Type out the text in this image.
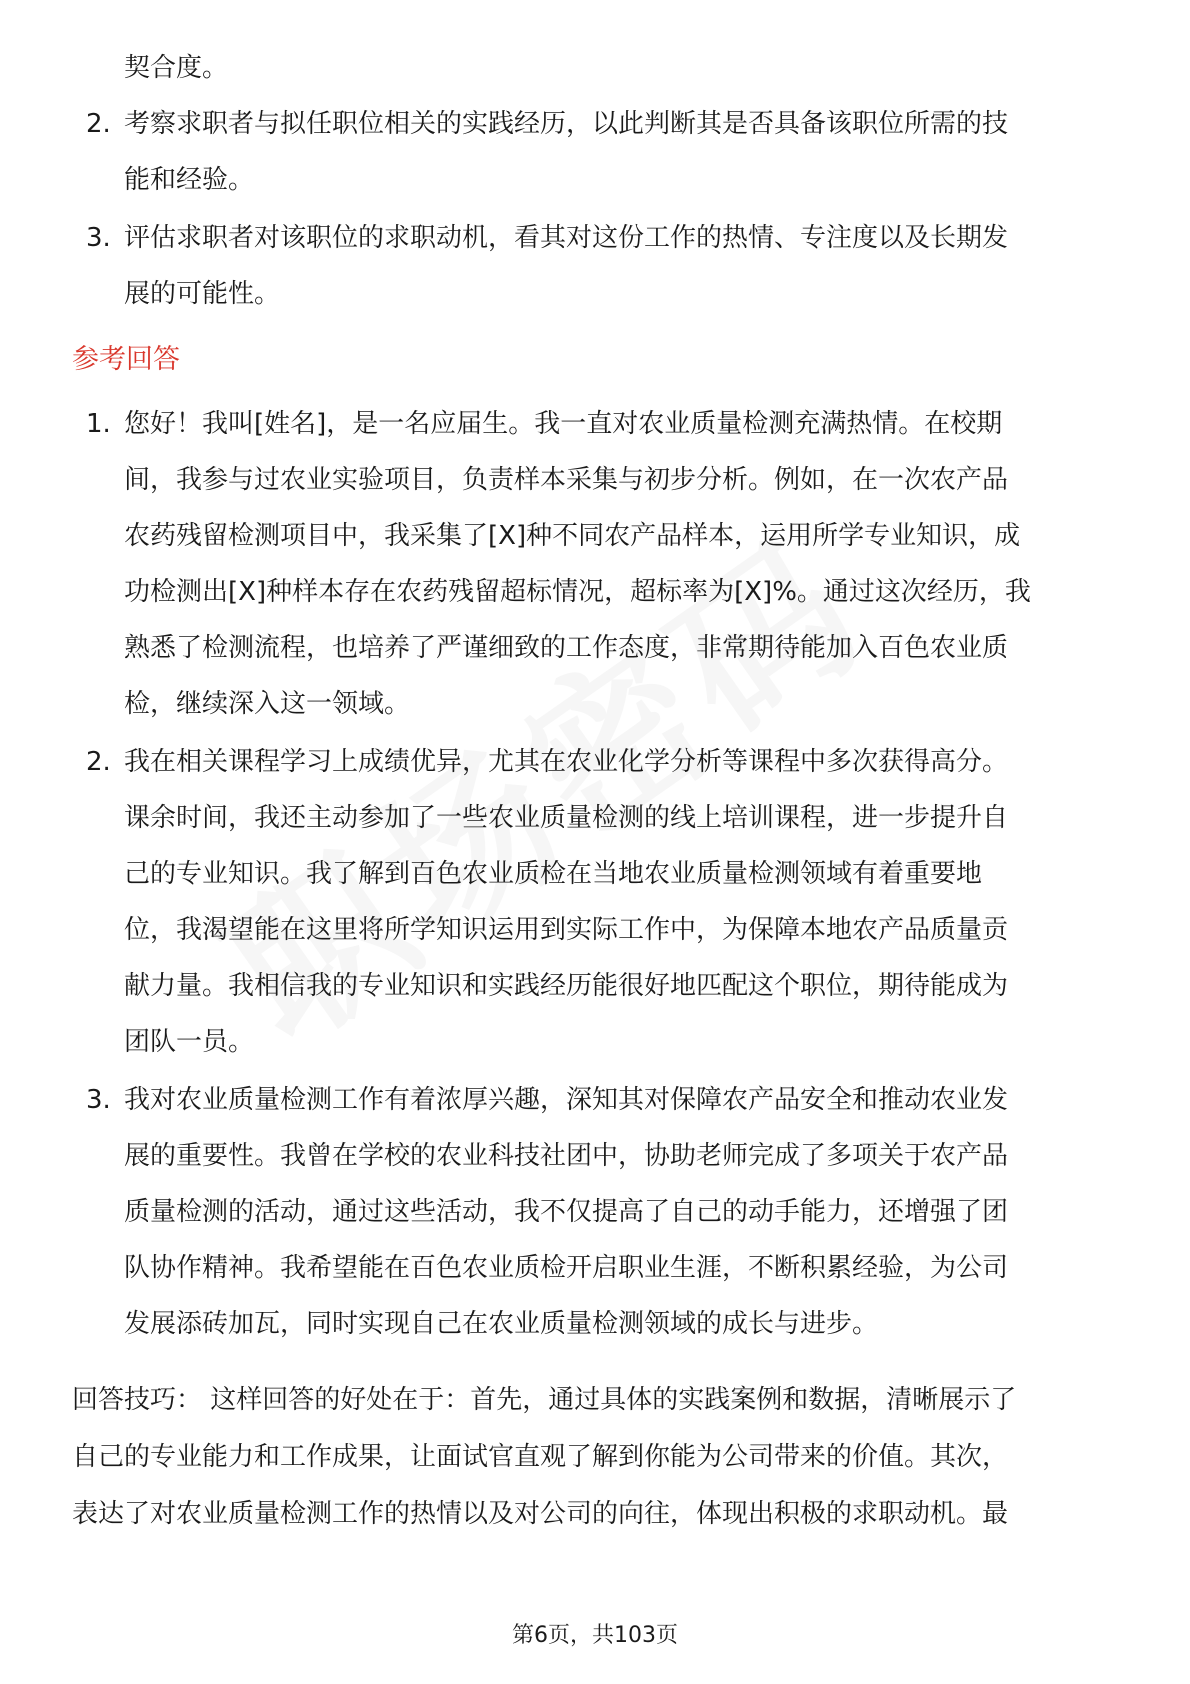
契合度。
2. 考察求职者与拟任职位相关的实践经历，以此判断其是否具备该职位所需的技
能和经验。
3. 评估求职者对该职位的求职动机，看其对这份工作的热情、专注度以及长期发
展的可能性。
参考回答
1. 您好！我叫[姓名]，是一名应届生。我一直对农业质量检测充满热情。在校期
间，我参与过农业实验项目，负责样本采集与初步分析。例如，在一次农产品
农药残留检测项目中，我采集了[X]种不同农产品样本，运用所学专业知识，成
功检测出[X]种样本存在农药残留超标情况，超标率为[X]%。通过这次经历，我
熟悉了检测流程，也培养了严谨细致的工作态度，非常期待能加入百色农业质
检，继续深入这一领域。
2. 我在相关课程学习上成绩优异，尤其在农业化学分析等课程中多次获得高分。
课余时间，我还主动参加了一些农业质量检测的线上培训课程，进一步提升自
己的专业知识。我了解到百色农业质检在当地农业质量检测领域有着重要地
位，我渴望能在这里将所学知识运用到实际工作中，为保障本地农产品质量贡
献力量。我相信我的专业知识和实践经历能很好地匹配这个职位，期待能成为
团队一员。
3. 我对农业质量检测工作有着浓厚兴趣，深知其对保障农产品安全和推动农业发
展的重要性。我曾在学校的农业科技社团中，协助老师完成了多项关于农产品
质量检测的活动，通过这些活动，我不仅提高了自己的动手能力，还增强了团
队协作精神。我希望能在百色农业质检开启职业生涯，不断积累经验，为公司
发展添砖加瓦，同时实现自己在农业质量检测领域的成长与进步。
回答技巧： 这样回答的好处在于：首先，通过具体的实践案例和数据，清晰展示了
自己的专业能力和工作成果，让面试官直观了解到你能为公司带来的价值。其次，
表达了对农业质量检测工作的热情以及对公司的向往，体现出积极的求职动机。最
第6页，共103页
